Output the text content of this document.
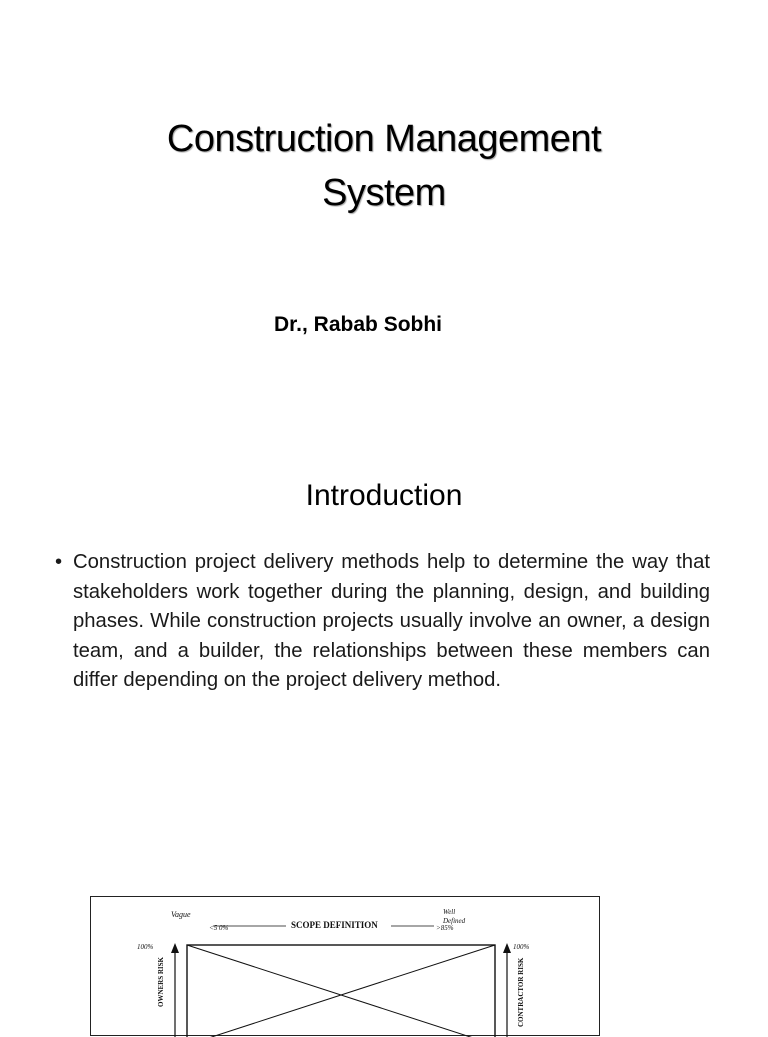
Construction Management
System
Dr., Rabab Sobhi
Introduction
• Construction project delivery methods help to determine the way that stakeholders work together during the planning, design, and building phases. While construction projects usually involve an owner, a design team, and a builder, the relationships between these members can differ depending on the project delivery method.
Vague	Well
Defined
SCOPE DEFINITION
<5 0%	>85%
100%	100%
OWNERS RISK	CONTRACTOR RISK
